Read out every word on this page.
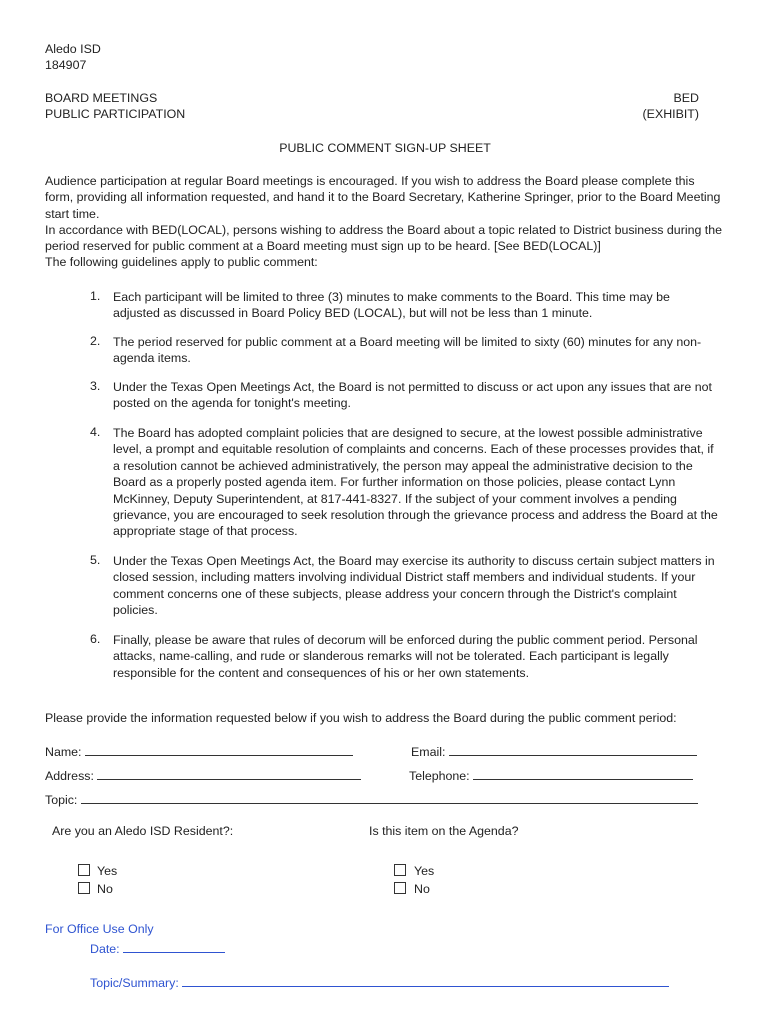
Aledo ISD
184907
BOARD MEETINGS
PUBLIC PARTICIPATION
BED
(EXHIBIT)
PUBLIC COMMENT SIGN-UP SHEET

Audience participation at regular Board meetings is encouraged. If you wish to address the Board please complete this form, providing all information requested, and hand it to the Board Secretary, Katherine Springer, prior to the Board Meeting start time.

In accordance with BED(LOCAL), persons wishing to address the Board about a topic related to District business during the period reserved for public comment at a Board meeting must sign up to be heard. [See BED(LOCAL)]

The following guidelines apply to public comment:

1. Each participant will be limited to three (3) minutes to make comments to the Board. This time may be adjusted as discussed in Board Policy BED (LOCAL), but will not be less than 1 minute.
2. The period reserved for public comment at a Board meeting will be limited to sixty (60) minutes for any non-agenda items.
3. Under the Texas Open Meetings Act, the Board is not permitted to discuss or act upon any issues that are not posted on the agenda for tonight's meeting.
4. The Board has adopted complaint policies that are designed to secure, at the lowest possible administrative level, a prompt and equitable resolution of complaints and concerns. Each of these processes provides that, if a resolution cannot be achieved administratively, the person may appeal the administrative decision to the Board as a properly posted agenda item. For further information on those policies, please contact Lynn McKinney, Deputy Superintendent, at 817-441-8327. If the subject of your comment involves a pending grievance, you are encouraged to seek resolution through the grievance process and address the Board at the appropriate stage of that process.
5. Under the Texas Open Meetings Act, the Board may exercise its authority to discuss certain subject matters in closed session, including matters involving individual District staff members and individual students. If your comment concerns one of these subjects, please address your concern through the District's complaint policies.
6. Finally, please be aware that rules of decorum will be enforced during the public comment period. Personal attacks, name-calling, and rude or slanderous remarks will not be tolerated. Each participant is legally responsible for the content and consequences of his or her own statements.
Please provide the information requested below if you wish to address the Board during the public comment period:
Name:	Email:
Address:	Telephone:
Topic:
Are you an Aledo ISD Resident?:	Is this item on the Agenda?
Yes
No
Yes
No
For Office Use Only
Date:
Topic/Summary:
